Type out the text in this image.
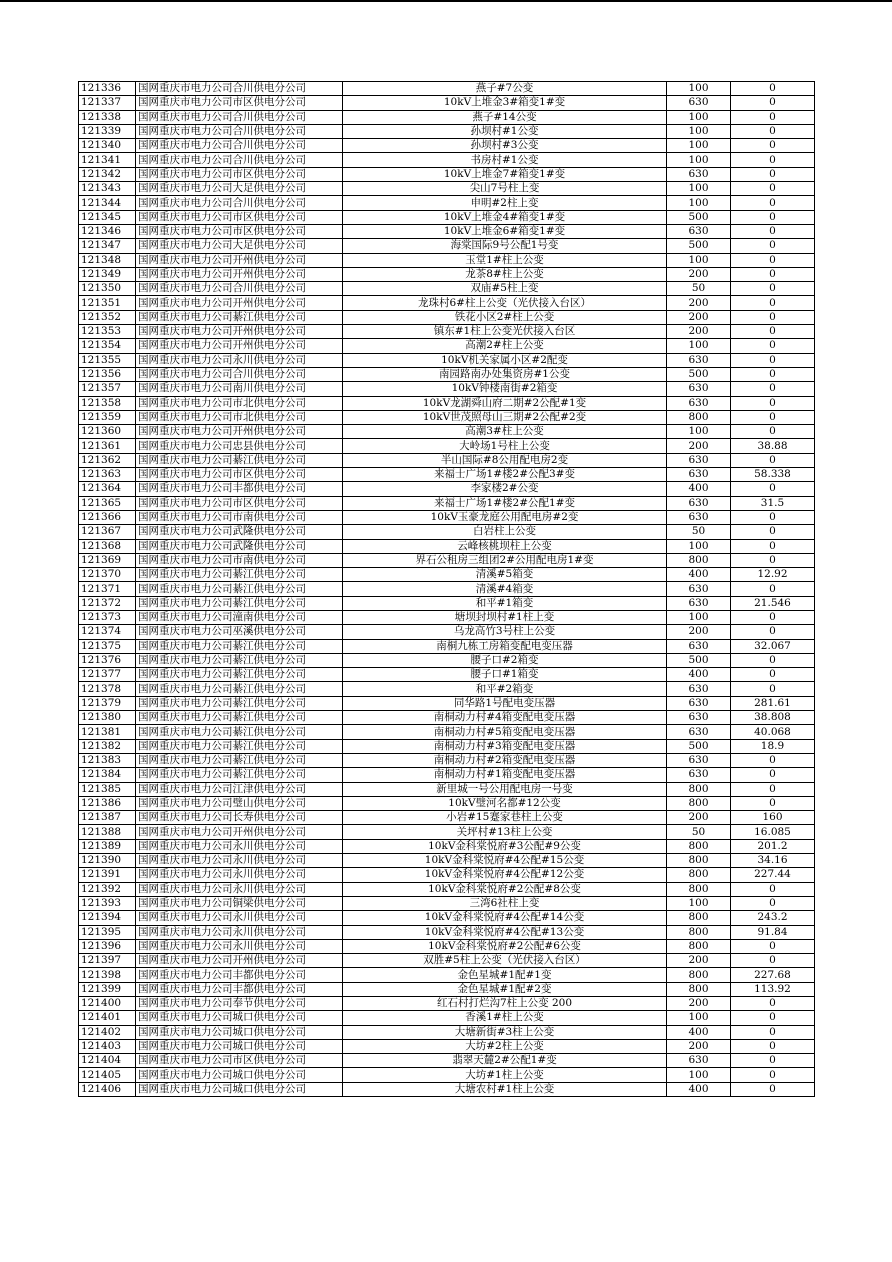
121336	国网重庆市电力公司合川供电分公司	燕子#7公变	100	0
121337	国网重庆市电力公司市区供电分公司	10kV上堆金3#箱变1#变	630	0
121338	国网重庆市电力公司合川供电分公司	燕子#14公变	100	0
121339	国网重庆市电力公司合川供电分公司	孙坝村#1公变	100	0
121340	国网重庆市电力公司合川供电分公司	孙坝村#3公变	100	0
121341	国网重庆市电力公司合川供电分公司	书房村#1公变	100	0
121342	国网重庆市电力公司市区供电分公司	10kV上堆金7#箱变1#变	630	0
121343	国网重庆市电力公司大足供电分公司	尖山7号柱上变	100	0
121344	国网重庆市电力公司合川供电分公司	申明#2柱上变	100	0
121345	国网重庆市电力公司市区供电分公司	10kV上堆金4#箱变1#变	500	0
121346	国网重庆市电力公司市区供电分公司	10kV上堆金6#箱变1#变	630	0
121347	国网重庆市电力公司大足供电分公司	海棠国际9号公配1号变	500	0
121348	国网重庆市电力公司开州供电分公司	玉堂1#柱上公变	100	0
121349	国网重庆市电力公司开州供电分公司	龙茶8#柱上公变	200	0
121350	国网重庆市电力公司合川供电分公司	双庙#5柱上变	50	0
121351	国网重庆市电力公司开州供电分公司	龙珠村6#柱上公变（光伏接入台区）	200	0
121352	国网重庆市电力公司綦江供电分公司	铁花小区2#柱上公变	200	0
121353	国网重庆市电力公司开州供电分公司	镇东#1柱上公变光伏接入台区	200	0
121354	国网重庆市电力公司开州供电分公司	高潮2#柱上公变	100	0
121355	国网重庆市电力公司永川供电分公司	10kV机关家属小区#2配变	630	0
121356	国网重庆市电力公司合川供电分公司	南园路南办处集资房#1公变	500	0
121357	国网重庆市电力公司南川供电分公司	10kV钟楼南街#2箱变	630	0
121358	国网重庆市电力公司市北供电分公司	10kV龙湖舜山府二期#2公配#1变	630	0
121359	国网重庆市电力公司市北供电分公司	10kV世茂照母山三期#2公配#2变	800	0
121360	国网重庆市电力公司开州供电分公司	高潮3#柱上公变	100	0
121361	国网重庆市电力公司忠县供电分公司	大岭场1号柱上公变	200	38.88
121362	国网重庆市电力公司綦江供电分公司	半山国际#8公用配电房2变	630	0
121363	国网重庆市电力公司市区供电分公司	来福士广场1#楼2#公配3#变	630	58.338
121364	国网重庆市电力公司丰都供电分公司	李家楼2#公变	400	0
121365	国网重庆市电力公司市区供电分公司	来福士广场1#楼2#公配1#变	630	31.5
121366	国网重庆市电力公司市南供电分公司	10kV玉豪龙庭公用配电房#2变	630	0
121367	国网重庆市电力公司武隆供电分公司	白岩柱上公变	50	0
121368	国网重庆市电力公司武隆供电分公司	云峰核桃坝柱上公变	100	0
121369	国网重庆市电力公司市南供电分公司	界石公租房三组团2#公用配电房1#变	800	0
121370	国网重庆市电力公司綦江供电分公司	清溪#5箱变	400	12.92
121371	国网重庆市电力公司綦江供电分公司	清溪#4箱变	630	0
121372	国网重庆市电力公司綦江供电分公司	和平#1箱变	630	21.546
121373	国网重庆市电力公司潼南供电分公司	塘坝封坝村#1柱上变	100	0
121374	国网重庆市电力公司巫溪供电分公司	乌龙高竹3号柱上公变	200	0
121375	国网重庆市电力公司綦江供电分公司	南桐九栋工房箱变配电变压器	630	32.067
121376	国网重庆市电力公司綦江供电分公司	腰子口#2箱变	500	0
121377	国网重庆市电力公司綦江供电分公司	腰子口#1箱变	400	0
121378	国网重庆市电力公司綦江供电分公司	和平#2箱变	630	0
121379	国网重庆市电力公司綦江供电分公司	同华路1号配电变压器	630	281.61
121380	国网重庆市电力公司綦江供电分公司	南桐动力村#4箱变配电变压器	630	38.808
121381	国网重庆市电力公司綦江供电分公司	南桐动力村#5箱变配电变压器	630	40.068
121382	国网重庆市电力公司綦江供电分公司	南桐动力村#3箱变配电变压器	500	18.9
121383	国网重庆市电力公司綦江供电分公司	南桐动力村#2箱变配电变压器	630	0
121384	国网重庆市电力公司綦江供电分公司	南桐动力村#1箱变配电变压器	630	0
121385	国网重庆市电力公司江津供电分公司	新里城一号公用配电房一号变	800	0
121386	国网重庆市电力公司璧山供电分公司	10kV璧河名都#12公变	800	0
121387	国网重庆市电力公司长寿供电分公司	小岩#15蹇家巷柱上公变	200	160
121388	国网重庆市电力公司开州供电分公司	关坪村#13柱上公变	50	16.085
121389	国网重庆市电力公司永川供电分公司	10kV金科棠悦府#3公配#9公变	800	201.2
121390	国网重庆市电力公司永川供电分公司	10kV金科棠悦府#4公配#15公变	800	34.16
121391	国网重庆市电力公司永川供电分公司	10kV金科棠悦府#4公配#12公变	800	227.44
121392	国网重庆市电力公司永川供电分公司	10kV金科棠悦府#2公配#8公变	800	0
121393	国网重庆市电力公司铜梁供电分公司	三湾6社柱上变	100	0
121394	国网重庆市电力公司永川供电分公司	10kV金科棠悦府#4公配#14公变	800	243.2
121395	国网重庆市电力公司永川供电分公司	10kV金科棠悦府#4公配#13公变	800	91.84
121396	国网重庆市电力公司永川供电分公司	10kV金科棠悦府#2公配#6公变	800	0
121397	国网重庆市电力公司开州供电分公司	双胜#5柱上公变（光伏接入台区）	200	0
121398	国网重庆市电力公司丰都供电分公司	金色星城#1配#1变	800	227.68
121399	国网重庆市电力公司丰都供电分公司	金色星城#1配#2变	800	113.92
121400	国网重庆市电力公司奉节供电分公司	红石村打烂沟7柱上公变 200	200	0
121401	国网重庆市电力公司城口供电分公司	香溪1#柱上公变	100	0
121402	国网重庆市电力公司城口供电分公司	大塘新街#3柱上公变	400	0
121403	国网重庆市电力公司城口供电分公司	大坊#2柱上公变	200	0
121404	国网重庆市电力公司市区供电分公司	翡翠天麓2#公配1#变	630	0
121405	国网重庆市电力公司城口供电分公司	大坊#1柱上公变	100	0
121406	国网重庆市电力公司城口供电分公司	大塘农村#1柱上公变	400	0
